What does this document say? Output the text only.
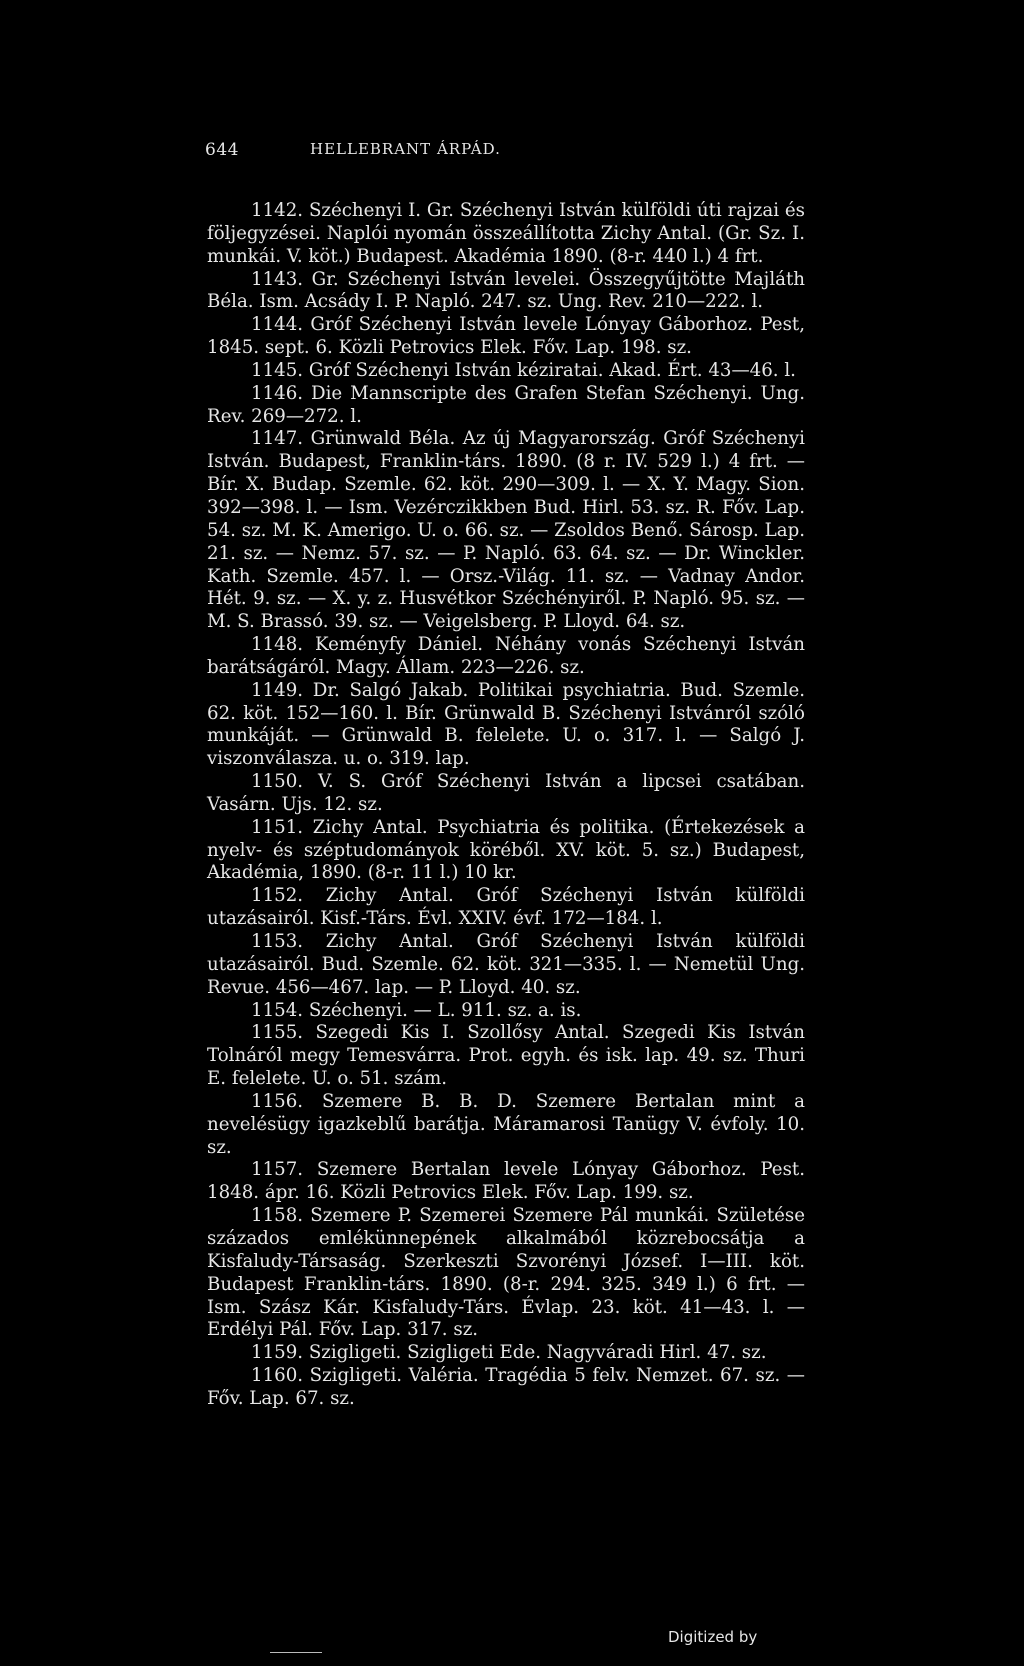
644	HELLEBRANT ÁRPÁD.

1142. Széchenyi I. Gr. Széchenyi István külföldi úti rajzai és följegyzései. Naplói nyomán összeállította Zichy Antal. (Gr. Sz. I. munkái. V. köt.) Budapest. Akadémia 1890. (8-r. 440 l.) 4 frt.

1143. Gr. Széchenyi István levelei. Összegyűjtötte Majláth Béla. Ism. Acsády I. P. Napló. 247. sz. Ung. Rev. 210—222. l.

1144. Gróf Széchenyi István levele Lónyay Gáborhoz. Pest, 1845. sept. 6. Közli Petrovics Elek. Főv. Lap. 198. sz.

1145. Gróf Széchenyi István kéziratai. Akad. Ért. 43—46. l.

1146. Die Mannscripte des Grafen Stefan Széchenyi. Ung. Rev. 269—272. l.

1147. Grünwald Béla. Az új Magyarország. Gróf Széchenyi István. Budapest, Franklin-társ. 1890. (8 r. IV. 529 l.) 4 frt. — Bír. X. Budap. Szemle. 62. köt. 290—309. l. — X. Y. Magy. Sion. 392—398. l. — Ism. Vezérczikkben Bud. Hirl. 53. sz. R. Főv. Lap. 54. sz. M. K. Amerigo. U. o. 66. sz. — Zsoldos Benő. Sárosp. Lap. 21. sz. — Nemz. 57. sz. — P. Napló. 63. 64. sz. — Dr. Winckler. Kath. Szemle. 457. l. — Orsz.-Világ. 11. sz. — Vadnay Andor. Hét. 9. sz. — X. y. z. Husvétkor Széchényiről. P. Napló. 95. sz. — M. S. Brassó. 39. sz. — Veigelsberg. P. Lloyd. 64. sz.

1148. Keményfy Dániel. Néhány vonás Széchenyi István barátságáról. Magy. Állam. 223—226. sz.

1149. Dr. Salgó Jakab. Politikai psychiatria. Bud. Szemle. 62. köt. 152—160. l. Bír. Grünwald B. Széchenyi Istvánról szóló munkáját. — Grünwald B. felelete. U. o. 317. l. — Salgó J. viszonválasza. u. o. 319. lap.

1150. V. S. Gróf Széchenyi István a lipcsei csatában. Vasárn. Ujs. 12. sz.

1151. Zichy Antal. Psychiatria és politika. (Értekezések a nyelv- és széptudományok köréből. XV. köt. 5. sz.) Budapest, Akadémia, 1890. (8-r. 11 l.) 10 kr.

1152. Zichy Antal. Gróf Széchenyi István külföldi utazásairól. Kisf.-Társ. Évl. XXIV. évf. 172—184. l.

1153. Zichy Antal. Gróf Széchenyi István külföldi utazásairól. Bud. Szemle. 62. köt. 321—335. l. — Nemetül Ung. Revue. 456—467. lap. — P. Lloyd. 40. sz.

1154. Széchenyi. — L. 911. sz. a. is.

1155. Szegedi Kis I. Szollősy Antal. Szegedi Kis István Tolnáról megy Temesvárra. Prot. egyh. és isk. lap. 49. sz. Thuri E. felelete. U. o. 51. szám.

1156. Szemere B. B. D. Szemere Bertalan mint a nevelésügy igazkeblű barátja. Máramarosi Tanügy V. évfoly. 10. sz.

1157. Szemere Bertalan levele Lónyay Gáborhoz. Pest. 1848. ápr. 16. Közli Petrovics Elek. Főv. Lap. 199. sz.

1158. Szemere P. Szemerei Szemere Pál munkái. Születése százados emlékünnepének alkalmából közrebocsátja a Kisfaludy-Társaság. Szerkeszti Szvorényi József. I—III. köt. Budapest Franklin-társ. 1890. (8-r. 294. 325. 349 l.) 6 frt. — Ism. Szász Kár. Kisfaludy-Társ. Évlap. 23. köt. 41—43. l. — Erdélyi Pál. Főv. Lap. 317. sz.

1159. Szigligeti. Szigligeti Ede. Nagyváradi Hirl. 47. sz.

1160. Szigligeti. Valéria. Tragédia 5 felv. Nemzet. 67. sz. — Főv. Lap. 67. sz.

Digitized by
